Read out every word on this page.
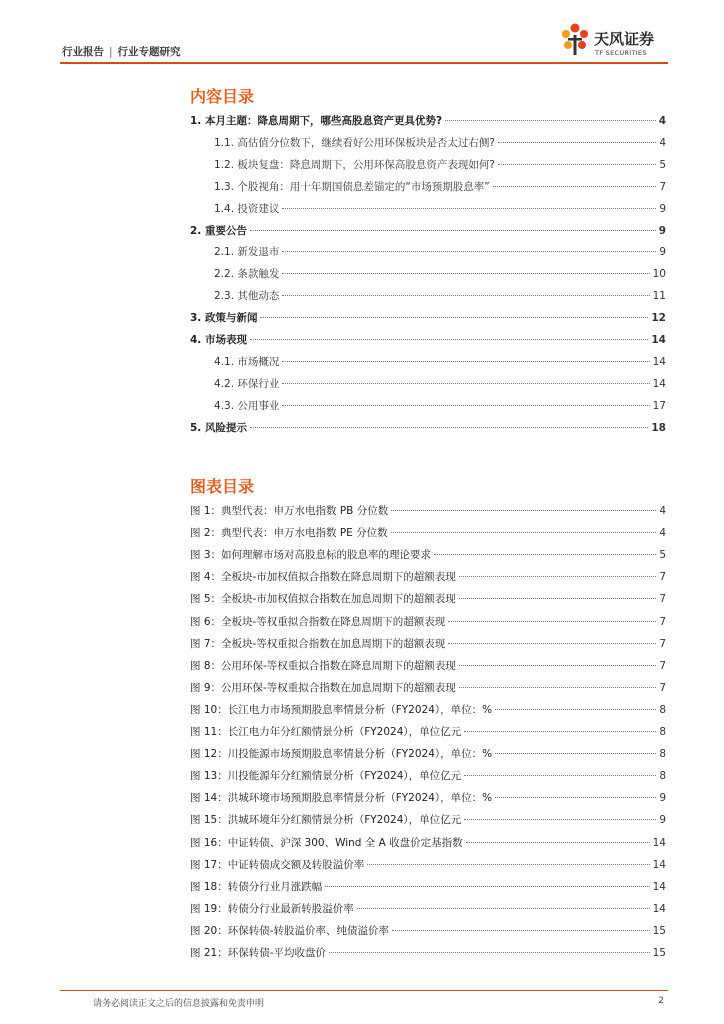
行业报告 | 行业专题研究
天风证券
TF SECURITIES
内容目录
1. 本月主题：降息周期下，哪些高股息资产更具优势?	4
1.1. 高估值分位数下，继续看好公用环保板块是否太过右侧?	4
1.2. 板块复盘：降息周期下，公用环保高股息资产表现如何?	5
1.3. 个股视角：用十年期国债息差锚定的“市场预期股息率”	7
1.4. 投资建议	9
2. 重要公告	9
2.1. 新发退市	9
2.2. 条款触发	10
2.3. 其他动态	11
3. 政策与新闻	12
4. 市场表现	14
4.1. 市场概况	14
4.2. 环保行业	14
4.3. 公用事业	17
5. 风险提示	18
图表目录
图 1：典型代表：申万水电指数 PB 分位数	4
图 2：典型代表：申万水电指数 PE 分位数	4
图 3：如何理解市场对高股息标的股息率的理论要求	5
图 4：全板块-市加权值拟合指数在降息周期下的超额表现	7
图 5：全板块-市加权值拟合指数在加息周期下的超额表现	7
图 6：全板块-等权重拟合指数在降息周期下的超额表现	7
图 7：全板块-等权重拟合指数在加息周期下的超额表现	7
图 8：公用环保-等权重拟合指数在降息周期下的超额表现	7
图 9：公用环保-等权重拟合指数在加息周期下的超额表现	7
图 10：长江电力市场预期股息率情景分析（FY2024），单位：%	8
图 11：长江电力年分红额情景分析（FY2024），单位亿元	8
图 12：川投能源市场预期股息率情景分析（FY2024），单位：%	8
图 13：川投能源年分红额情景分析（FY2024），单位亿元	8
图 14：洪城环境市场预期股息率情景分析（FY2024），单位：%	9
图 15：洪城环境年分红额情景分析（FY2024），单位亿元	9
图 16：中证转债、沪深 300、Wind 全 A 收盘价定基指数	14
图 17：中证转债成交额及转股溢价率	14
图 18：转债分行业月涨跌幅	14
图 19：转债分行业最新转股溢价率	14
图 20：环保转债-转股溢价率、纯债溢价率	15
图 21：环保转债-平均收盘价	15
请务必阅读正文之后的信息披露和免责申明	2
